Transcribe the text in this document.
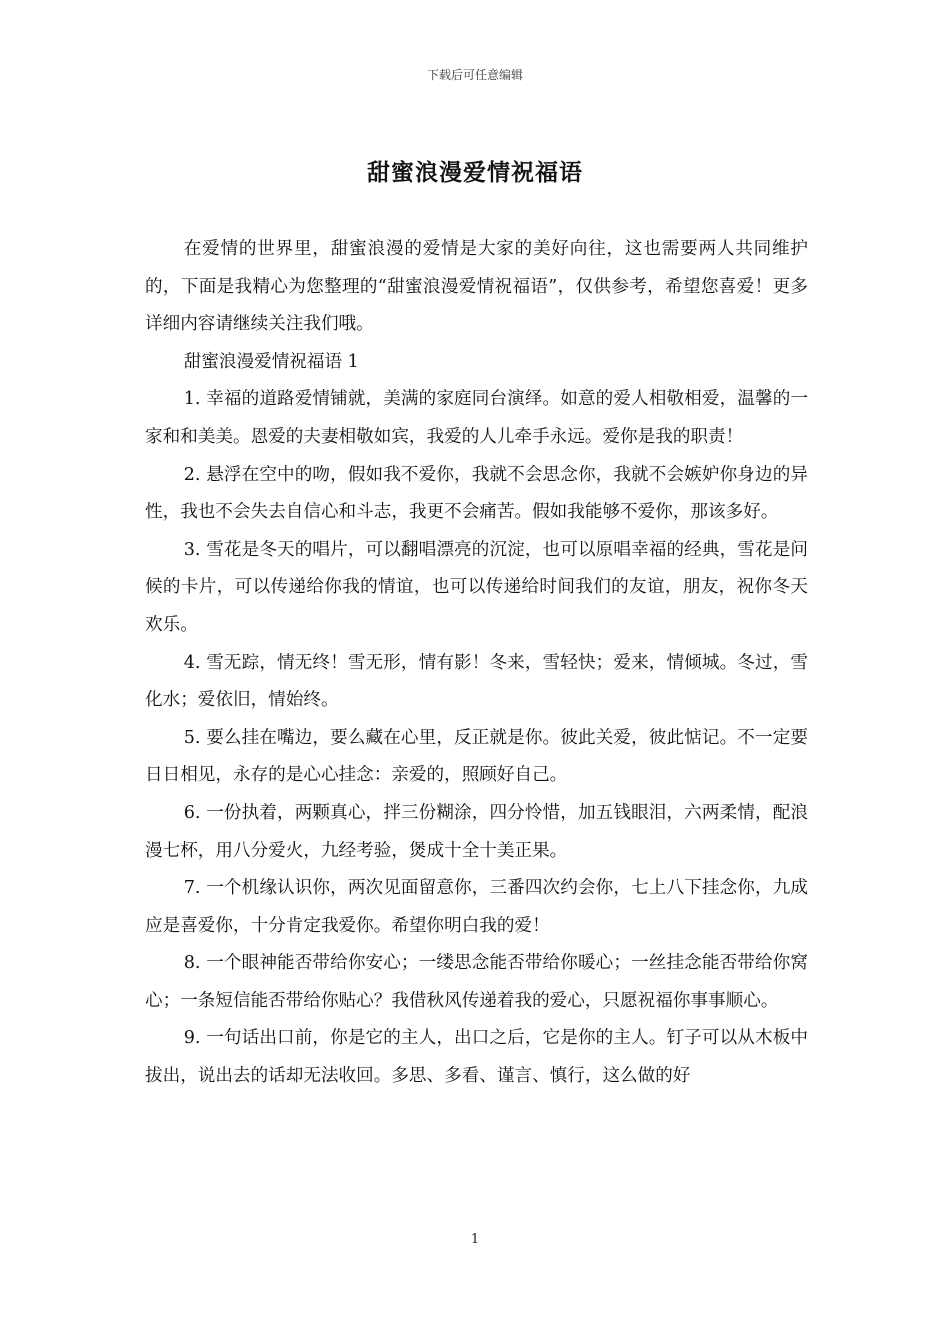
下载后可任意编辑
甜蜜浪漫爱情祝福语

在爱情的世界里，甜蜜浪漫的爱情是大家的美好向往，这也需要两人共同维护的，下面是我精心为您整理的“甜蜜浪漫爱情祝福语”，仅供参考，希望您喜爱！更多详细内容请继续关注我们哦。

甜蜜浪漫爱情祝福语 1

1. 幸福的道路爱情铺就，美满的家庭同台演绎。如意的爱人相敬相爱，温馨的一家和和美美。恩爱的夫妻相敬如宾，我爱的人儿牵手永远。爱你是我的职责！

2. 悬浮在空中的吻，假如我不爱你，我就不会思念你，我就不会嫉妒你身边的异性，我也不会失去自信心和斗志，我更不会痛苦。假如我能够不爱你，那该多好。

3. 雪花是冬天的唱片，可以翻唱漂亮的沉淀，也可以原唱幸福的经典，雪花是问候的卡片，可以传递给你我的情谊，也可以传递给时间我们的友谊，朋友，祝你冬天欢乐。

4. 雪无踪，情无终！雪无形，情有影！冬来，雪轻快；爱来，情倾城。冬过，雪化水；爱依旧，情始终。

5. 要么挂在嘴边，要么藏在心里，反正就是你。彼此关爱，彼此惦记。不一定要日日相见，永存的是心心挂念：亲爱的，照顾好自己。

6. 一份执着，两颗真心，拌三份糊涂，四分怜惜，加五钱眼泪，六两柔情，配浪漫七杯，用八分爱火，九经考验，煲成十全十美正果。

7. 一个机缘认识你，两次见面留意你，三番四次约会你，七上八下挂念你，九成应是喜爱你，十分肯定我爱你。希望你明白我的爱！

8. 一个眼神能否带给你安心；一缕思念能否带给你暖心；一丝挂念能否带给你窝心；一条短信能否带给你贴心？我借秋风传递着我的爱心，只愿祝福你事事顺心。

9. 一句话出口前，你是它的主人，出口之后，它是你的主人。钉子可以从木板中拔出，说出去的话却无法收回。多思、多看、谨言、慎行，这么做的好

1
